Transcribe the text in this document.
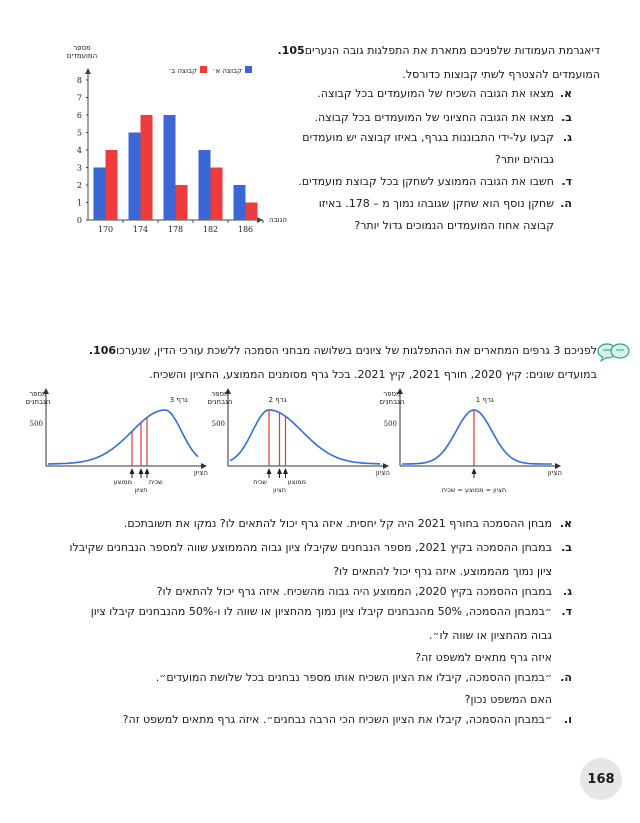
דיאגרמת העמודות שלפניכם מתארת את התפלגות גובה הנערים105.
המועמדים להצטרף לשתי קבוצות כדורסל.
א.מצאו את הגובה השכיח של המועמדים בכל קבוצה.
ב.מצאו את הגובה החציוני של המועמדים בכל קבוצה.
ג.קבעו על-ידי התבוננות בגרף, באיזו קבוצה יש מועמדים
גבוהים יותר?
ד.חשבו את הגובה הממוצע לשחקן בכל קבוצת מועמדים.
ה.שחקן נוסף הוא שחקן שגובהו נמוך מ – 178. באיזו
קבוצה אחוז המועמדים הנמוכים גדול יותר?
0
1
2
3
4
5
6
7
8
מספר
המועמדים
הגובה
170 174 178 182 186
קבוצה א׳
קבוצה ב׳
לפניכם 3 גרפים המתארים את ההתפלגות של ציונים בשלושה מבחני הסמכה ללשכת עורכי הדין, שנערכו106.
במועדים שונים: קיץ 2020, חורף 2021, קיץ 2021. בכל גרף מסומנים הממוצע, החציון והשכיח.
מספר
הנבחנים
500
הציון
גרף 3
ממוצע
חציון
שכיח
מספר
הנבחנים
500
הציון
גרף 2
שכיח	ממוצע
חציון
מספר
הנבחנים
500
הציון
גרף 1
חציון = ממוצע = שכיח
א.מבחן ההסמכה בחורף 2021 היה קל יחסית. איזה גרף יכול להתאים לו? נמקו את תשובתכם.
ב.במבחן ההסמכה בקיץ 2021, מספר הנבחנים שקיבלו ציון גבוה מהממוצע שווה למספר הנבחנים שקיבלו
ציון נמוך מהממוצע. איזה גרף יכול להתאים לו?
ג.במבחן ההסמכה בקיץ 2020, הממוצע היה גבוה מהשכיח. איזה גרף יכול להתאים לו?
ד.״במבחן ההסמכה, 50% מהנבחנים קיבלו ציון נמוך מהחציון או שווה לו ו-50% מהנבחנים קיבלו ציון
גבוה מהחציון או שווה לו״.
איזה גרף מתאים למשפט זה?
ה.״במבחן ההסמכה, קיבלו את הציון השכיח אותו מספר נבחנים בכל שלושת המועדים״.
האם המשפט נכון?
ו.״במבחן ההסמכה, קיבלו את הציון השכיח הכי הרבה נבחנים״. איזה גרף מתאים למשפט זה?
168
